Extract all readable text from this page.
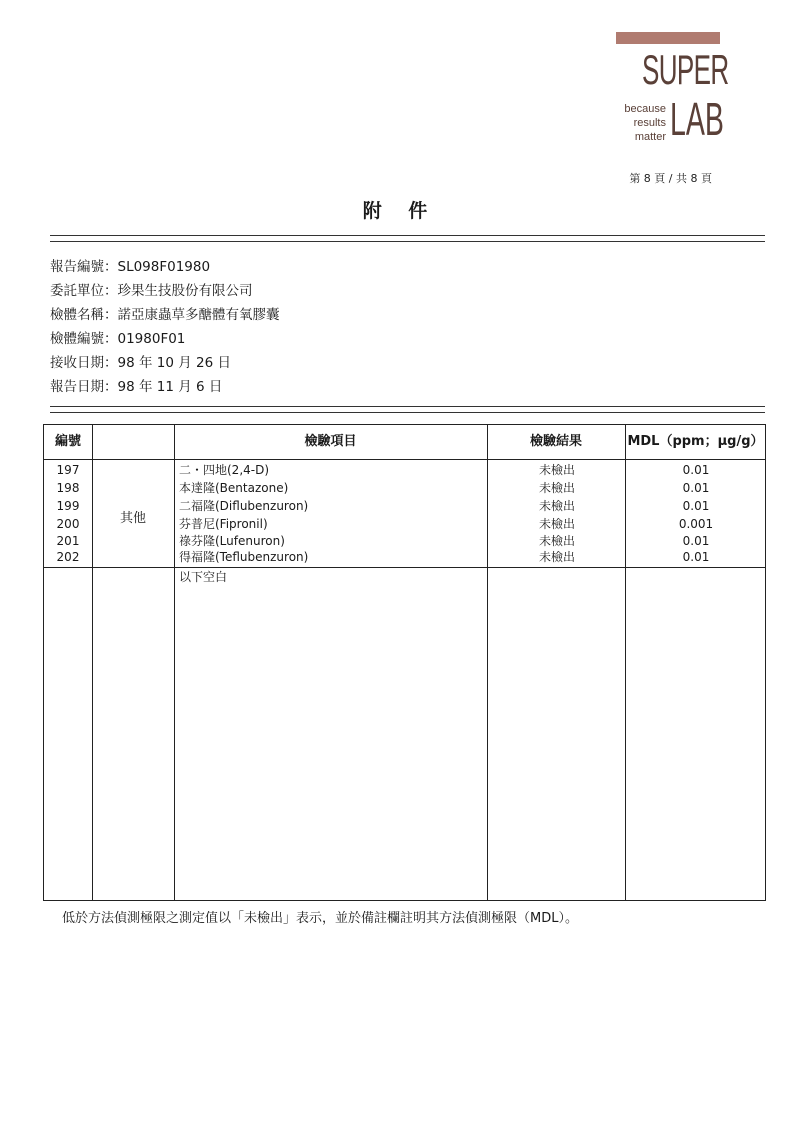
SUPER
because
results
matter LAB
第 8 頁 / 共 8 頁
附 件
報告編號：SL098F01980
委託單位：珍果生技股份有限公司
檢體名稱：諾亞康蟲草多醣體有氧膠囊
檢體編號：01980F01
接收日期：98 年 10 月 26 日
報告日期：98 年 11 月 6 日
編號	檢驗項目	檢驗結果	MDL（ppm；μg/g）
其他
197	二・四地(2,4-D)	未檢出	0.01
198	本達隆(Bentazone)	未檢出	0.01
199	二福隆(Diflubenzuron)	未檢出	0.01
200	芬普尼(Fipronil)	未檢出	0.001
201	祿芬隆(Lufenuron)	未檢出	0.01
202	得福隆(Teflubenzuron)	未檢出	0.01
以下空白
低於方法偵測極限之測定值以「未檢出」表示，並於備註欄註明其方法偵測極限（MDL）。
